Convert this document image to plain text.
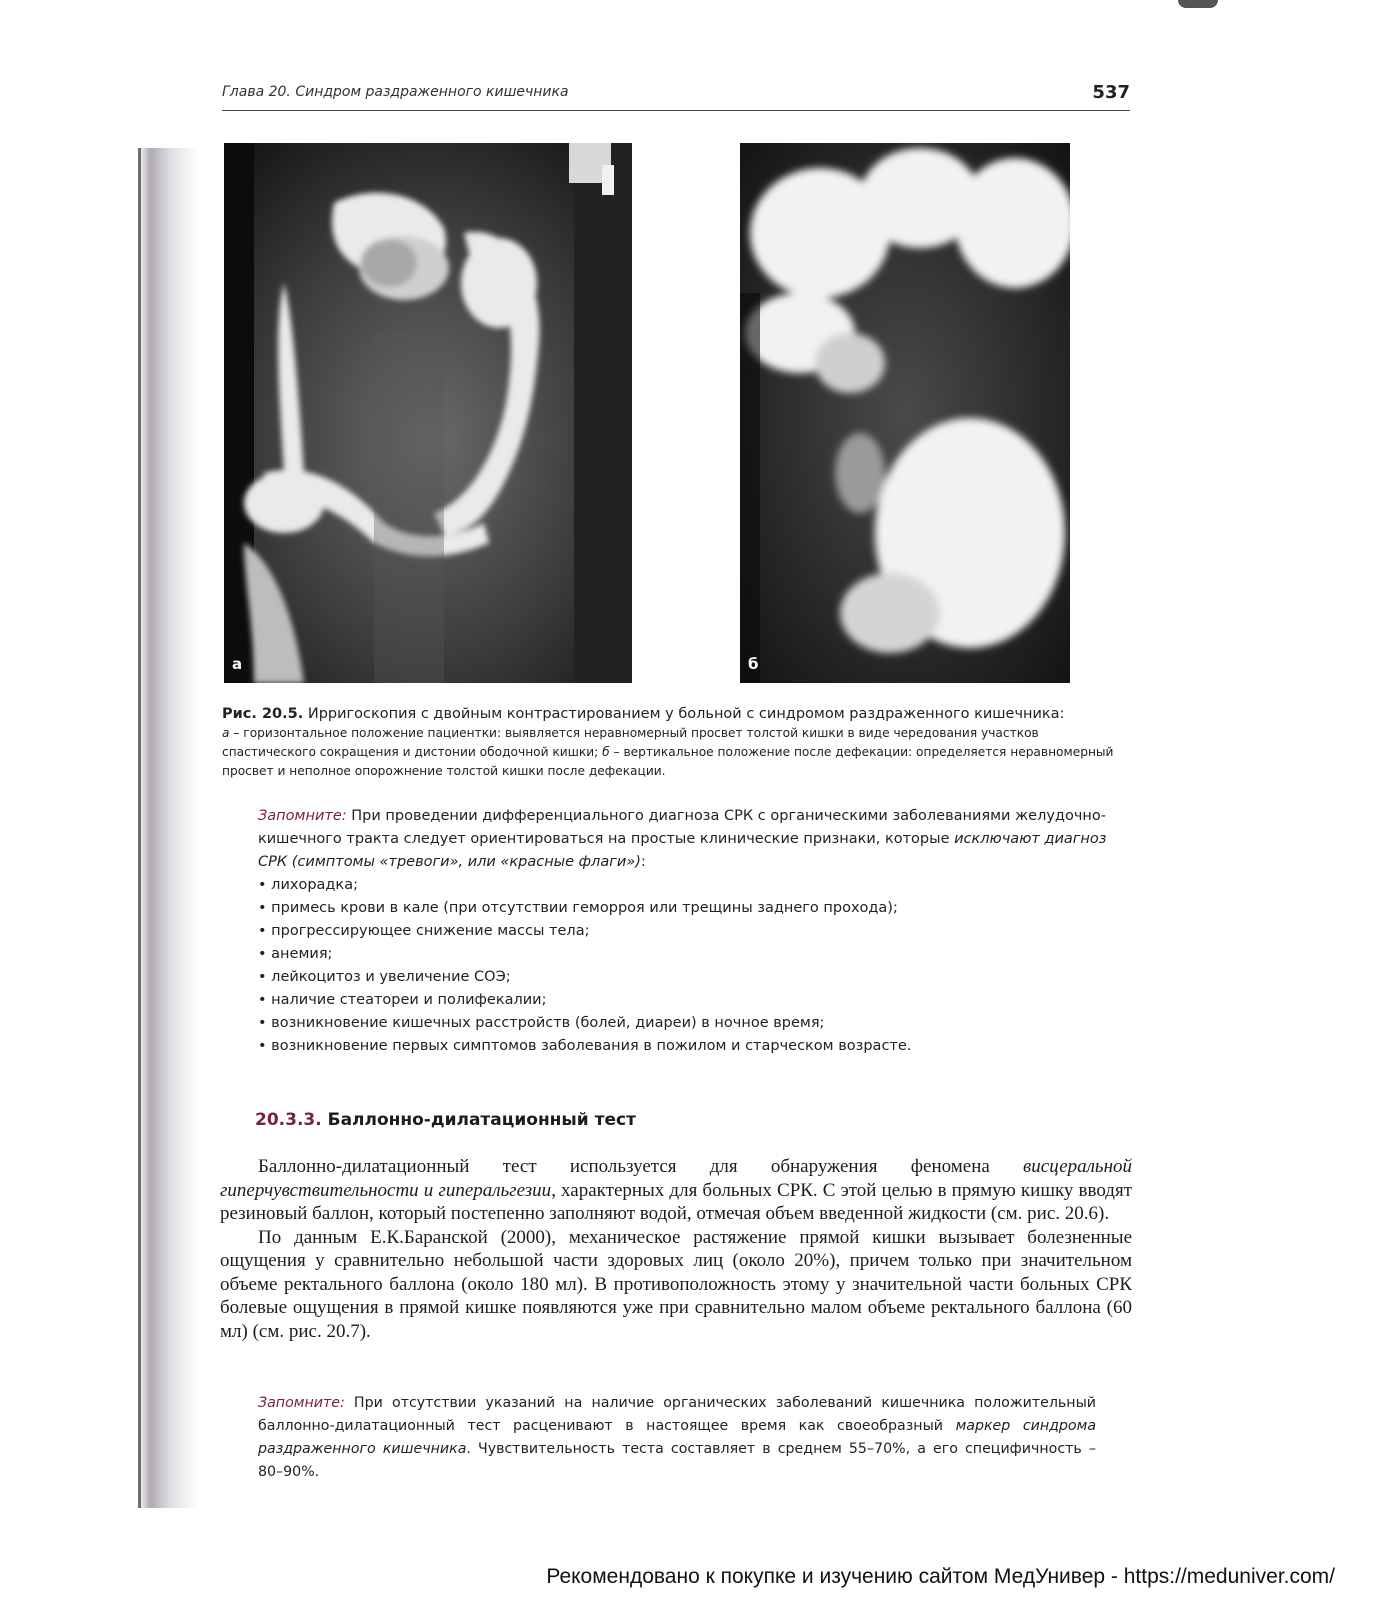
Глава 20. Синдром раздраженного кишечника	537
а	б
Рис. 20.5. Ирригоскопия с двойным контрастированием у больной с синдромом раздраженного кишечника:
а – горизонтальное положение пациентки: выявляется неравномерный просвет толстой кишки в виде чередования участков спастического сокращения и дистонии ободочной кишки; б – вертикальное положение после дефекации: определяется неравномерный просвет и неполное опорожнение толстой кишки после дефекации.
Запомните: При проведении дифференциального диагноза СРК с органическими заболеваниями желудочно-кишечного тракта следует ориентироваться на простые клинические признаки, которые исключают диагноз СРК (симптомы «тревоги», или «красные флаги»):
• лихорадка;
• примесь крови в кале (при отсутствии геморроя или трещины заднего прохода);
• прогрессирующее снижение массы тела;
• анемия;
• лейкоцитоз и увеличение СОЭ;
• наличие стеатореи и полифекалии;
• возникновение кишечных расстройств (болей, диареи) в ночное время;
• возникновение первых симптомов заболевания в пожилом и старческом возрасте.
20.3.3. Баллонно-дилатационный тест

Баллонно-дилатационный тест используется для обнаружения феномена висцеральной гиперчувствительности и гиперальгезии, характерных для больных СРК. С этой целью в прямую кишку вводят резиновый баллон, который постепенно заполняют водой, отмечая объем введенной жидкости (см. рис. 20.6).

По данным Е.К.Баранской (2000), механическое растяжение прямой кишки вызывает болезненные ощущения у сравнительно небольшой части здоровых лиц (около 20%), причем только при значительном объеме ректального баллона (около 180 мл). В противоположность этому у значительной части больных СРК болевые ощущения в прямой кишке появляются уже при сравнительно малом объеме ректального баллона (60 мл) (см. рис. 20.7).

Запомните: При отсутствии указаний на наличие органических заболеваний кишечника положительный баллонно-дилатационный тест расценивают в настоящее время как своеобразный маркер синдрома раздраженного кишечника. Чувствительность теста составляет в среднем 55–70%, а его специфичность – 80–90%.
Рекомендовано к покупке и изучению сайтом МедУнивер - https://meduniver.com/
